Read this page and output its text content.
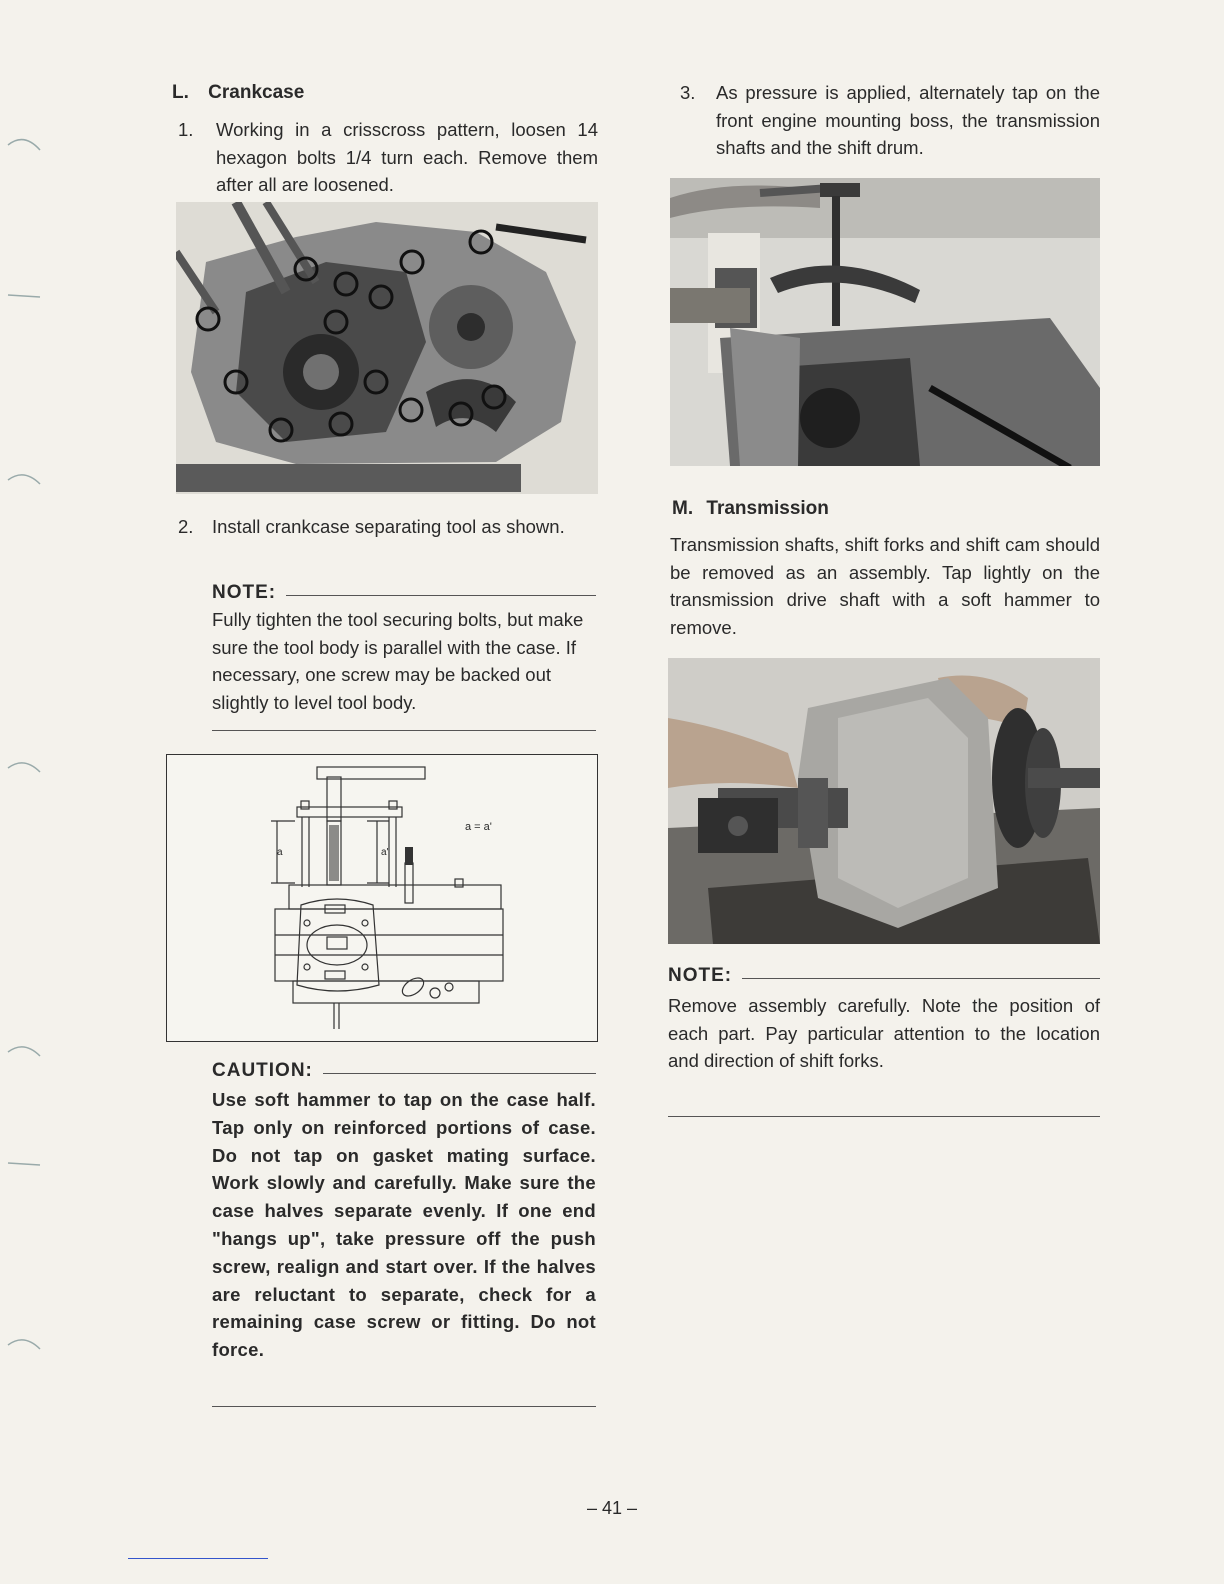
L. Crankcase
1. Working in a crisscross pattern, loosen 14 hexagon bolts 1/4 turn each. Remove them after all are loosened.
2. Install crankcase separating tool as shown.
NOTE:
Fully tighten the tool securing bolts, but make sure the tool body is parallel with the case. If necessary, one screw may be backed out slightly to level tool body.
a = a'
a	a'
CAUTION:
Use soft hammer to tap on the case half. Tap only on reinforced portions of case. Do not tap on gasket mating surface. Work slowly and carefully. Make sure the case halves separate evenly. If one end "hangs up", take pressure off the push screw, realign and start over. If the halves are reluctant to separate, check for a remaining case screw or fitting. Do not force.
3. As pressure is applied, alternately tap on the front engine mounting boss, the transmission shafts and the shift drum.
M. Transmission
Transmission shafts, shift forks and shift cam should be removed as an assembly. Tap lightly on the transmission drive shaft with a soft hammer to remove.
NOTE:
Remove assembly carefully. Note the position of each part. Pay particular attention to the location and direction of shift forks.
– 41 –
